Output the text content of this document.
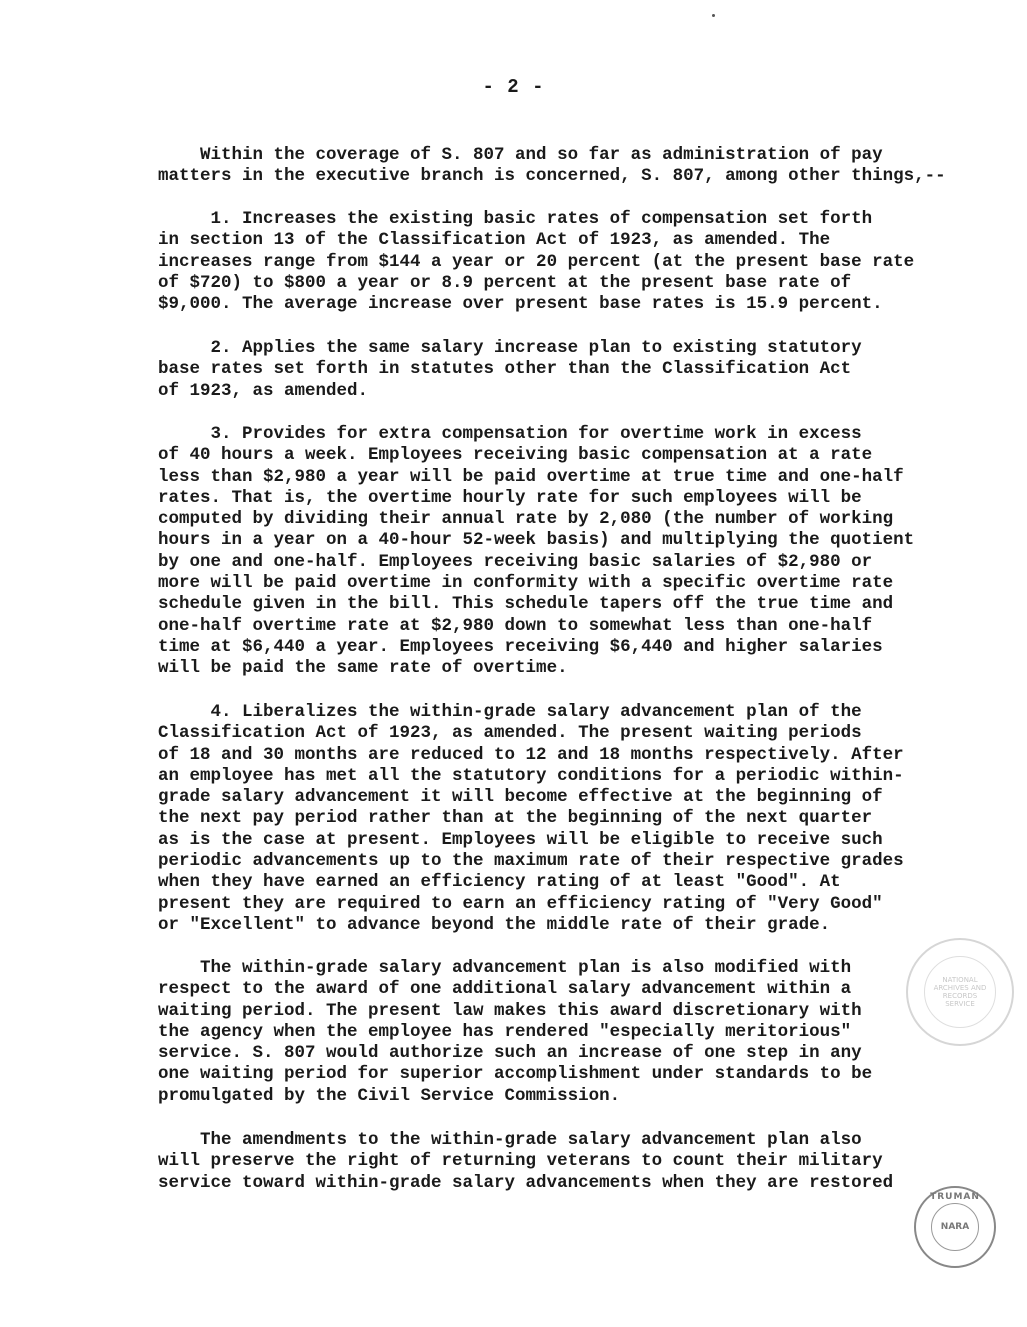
- 2 -
Within the coverage of S. 807 and so far as administration of pay
matters in the executive branch is concerned, S. 807, among other things,--
1. Increases the existing basic rates of compensation set forth
in section 13 of the Classification Act of 1923, as amended. The
increases range from $144 a year or 20 percent (at the present base rate
of $720) to $800 a year or 8.9 percent at the present base rate of
$9,000. The average increase over present base rates is 15.9 percent.
2. Applies the same salary increase plan to existing statutory
base rates set forth in statutes other than the Classification Act
of 1923, as amended.
3. Provides for extra compensation for overtime work in excess
of 40 hours a week. Employees receiving basic compensation at a rate
less than $2,980 a year will be paid overtime at true time and one-half
rates. That is, the overtime hourly rate for such employees will be
computed by dividing their annual rate by 2,080 (the number of working
hours in a year on a 40-hour 52-week basis) and multiplying the quotient
by one and one-half. Employees receiving basic salaries of $2,980 or
more will be paid overtime in conformity with a specific overtime rate
schedule given in the bill. This schedule tapers off the true time and
one-half overtime rate at $2,980 down to somewhat less than one-half
time at $6,440 a year. Employees receiving $6,440 and higher salaries
will be paid the same rate of overtime.
4. Liberalizes the within-grade salary advancement plan of the
Classification Act of 1923, as amended. The present waiting periods
of 18 and 30 months are reduced to 12 and 18 months respectively. After
an employee has met all the statutory conditions for a periodic within-
grade salary advancement it will become effective at the beginning of
the next pay period rather than at the beginning of the next quarter
as is the case at present. Employees will be eligible to receive such
periodic advancements up to the maximum rate of their respective grades
when they have earned an efficiency rating of at least "Good". At
present they are required to earn an efficiency rating of "Very Good"
or "Excellent" to advance beyond the middle rate of their grade.
The within-grade salary advancement plan is also modified with
respect to the award of one additional salary advancement within a
waiting period. The present law makes this award discretionary with
the agency when the employee has rendered "especially meritorious"
service. S. 807 would authorize such an increase of one step in any
one waiting period for superior accomplishment under standards to be
promulgated by the Civil Service Commission.
The amendments to the within-grade salary advancement plan also
will preserve the right of returning veterans to count their military
service toward within-grade salary advancements when they are restored
NATIONAL
ARCHIVES AND
RECORDS
SERVICE
TRUMAN
NARA
